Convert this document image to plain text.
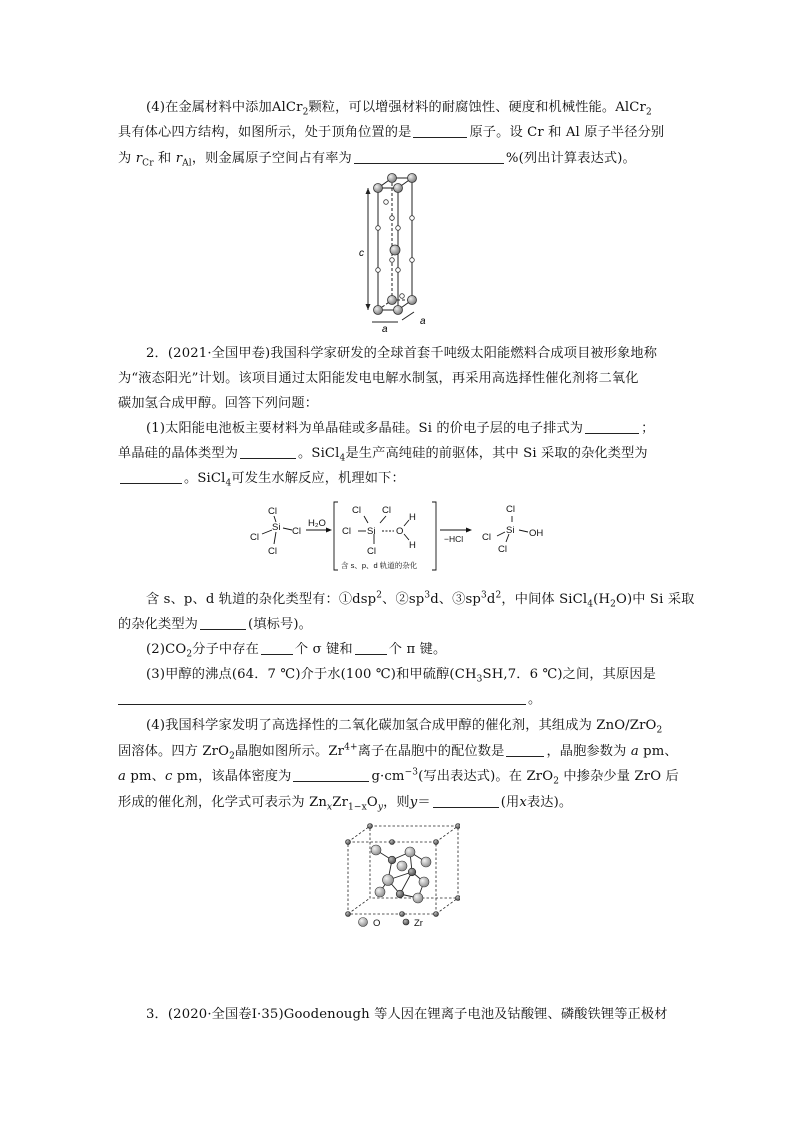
(4)在金属材料中添加AlCr$_2$颗粒，可以增强材料的耐腐蚀性、硬度和机械性能。AlCr$_2$
具有体心四方结构，如图所示，处于顶角位置的是	原子。设 Cr 和 Al 原子半径分别
为 $r_{Cr}$ 和 $r_{Al}$，则金属原子空间占有率为	%(列出计算表达式)。
c
a
a
2．(2021·全国甲卷)我国科学家研发的全球首套千吨级太阳能燃料合成项目被形象地称
为“液态阳光”计划。该项目通过太阳能发电电解水制氢，再采用高选择性催化剂将二氧化
碳加氢合成甲醇。回答下列问题：
(1)太阳能电池板主要材料为单晶硅或多晶硅。Si 的价电子层的电子排式为	；
单晶硅的晶体类型为	。SiCl$_4$是生产高纯硅的前驱体，其中 Si 采取的杂化类型为
。SiCl$_4$可发生水解反应，机理如下：
Cl
Si
Cl
Cl
Cl
H₂O
Cl Cl
Cl Si O
H
H
Cl
−HCl
Cl
Si
Cl	OH
Cl
含 s、p、d 轨道的杂化
含 s、p、d 轨道的杂化类型有：①dsp$^2$、$②sp^3d$、$③sp^3d^2$，中间体 $SiCl_4(H_2O)$中 Si 采取
的杂化类型为	(填标号)。
$(2)CO_2$分子中存在	个 σ 键和	个 π 键。
(3)甲醇的沸点(64．7 ℃)介于水(100 ℃)和甲硫醇($CH_3SH,7$．6 ℃)之间，其原因是
。
(4)我国科学家发明了高选择性的二氧化碳加氢合成甲醇的催化剂，其组成为 ZnO/ZrO$_2$
固溶体。四方 ZrO$_2$晶胞如图所示。$Zr^{4+}$离子在晶胞中的配位数是	，晶胞参数为 a pm、
a pm、c pm，该晶体密度为	$g\cdot cm^{-3}$(写出表达式)。在 ZrO$_2$ 中掺杂少量 ZrO 后
形成的催化剂，化学式可表示为 $Zn_xZr_{1-x}O_y$，则y＝	(用x表达)。
O	Zr
3．(2020·全国卷Ⅰ·35)Goodenough 等人因在锂离子电池及钴酸锂、磷酸铁锂等正极材
